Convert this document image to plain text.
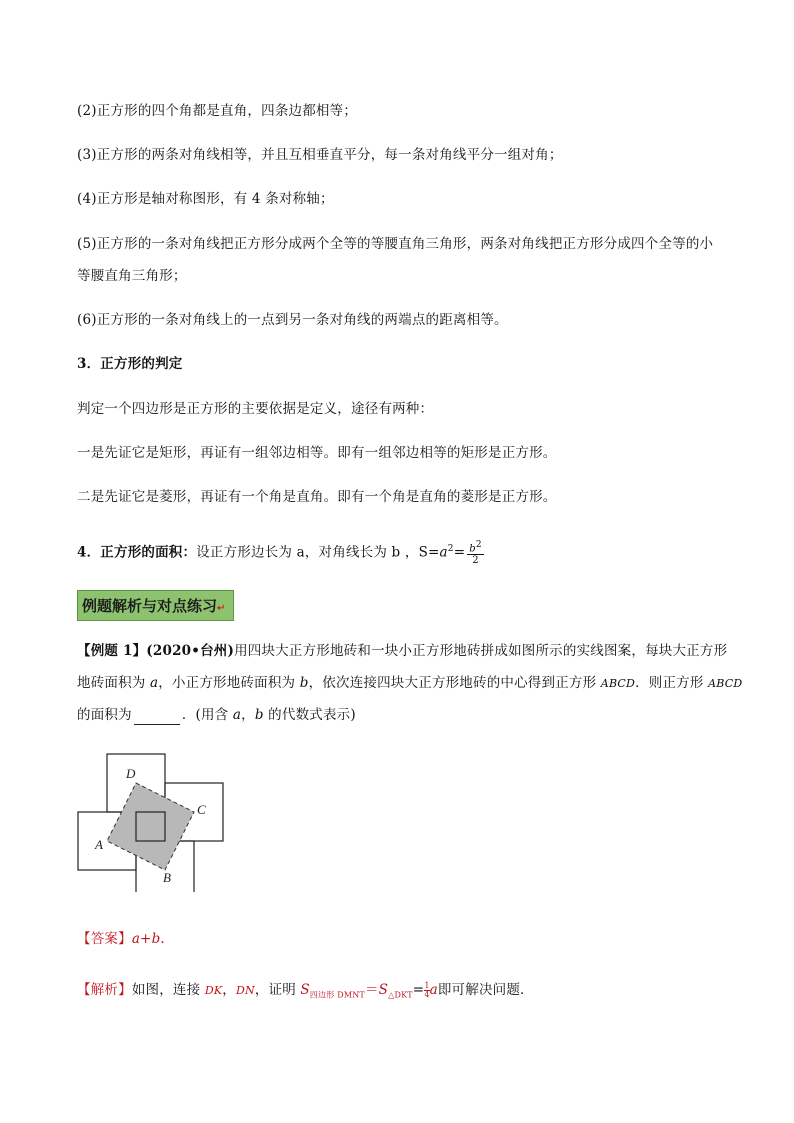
(2)正方形的四个角都是直角，四条边都相等；
(3)正方形的两条对角线相等，并且互相垂直平分，每一条对角线平分一组对角；
(4)正方形是轴对称图形，有 4 条对称轴；
(5)正方形的一条对角线把正方形分成两个全等的等腰直角三角形，两条对角线把正方形分成四个全等的小
等腰直角三角形；
(6)正方形的一条对角线上的一点到另一条对角线的两端点的距离相等。
3．正方形的判定
判定一个四边形是正方形的主要依据是定义，途径有两种：
一是先证它是矩形，再证有一组邻边相等。即有一组邻边相等的矩形是正方形。
二是先证它是菱形，再证有一个角是直角。即有一个角是直角的菱形是正方形。
4．正方形的面积：设正方形边长为 a，对角线长为 b ，$S=a^2= \frac{b2}{2}$
例题解析与对点练习↵
【例题 1】(2020•台州)用四块大正方形地砖和一块小正方形地砖拼成如图所示的实线图案，每块大正方形
地砖面积为 a，小正方形地砖面积为 b，依次连接四块大正方形地砖的中心得到正方形 ABCD．则正方形 ABCD
的面积为	．(用含 a，b 的代数式表示)
D
C
A
B
【答案】a+b.
【解析】如图，连接 DK，DN，证明 $S_{四边形 DMNT}=S_{\triangle DKT}= \frac{1}{4}$ a即可解决问题．
